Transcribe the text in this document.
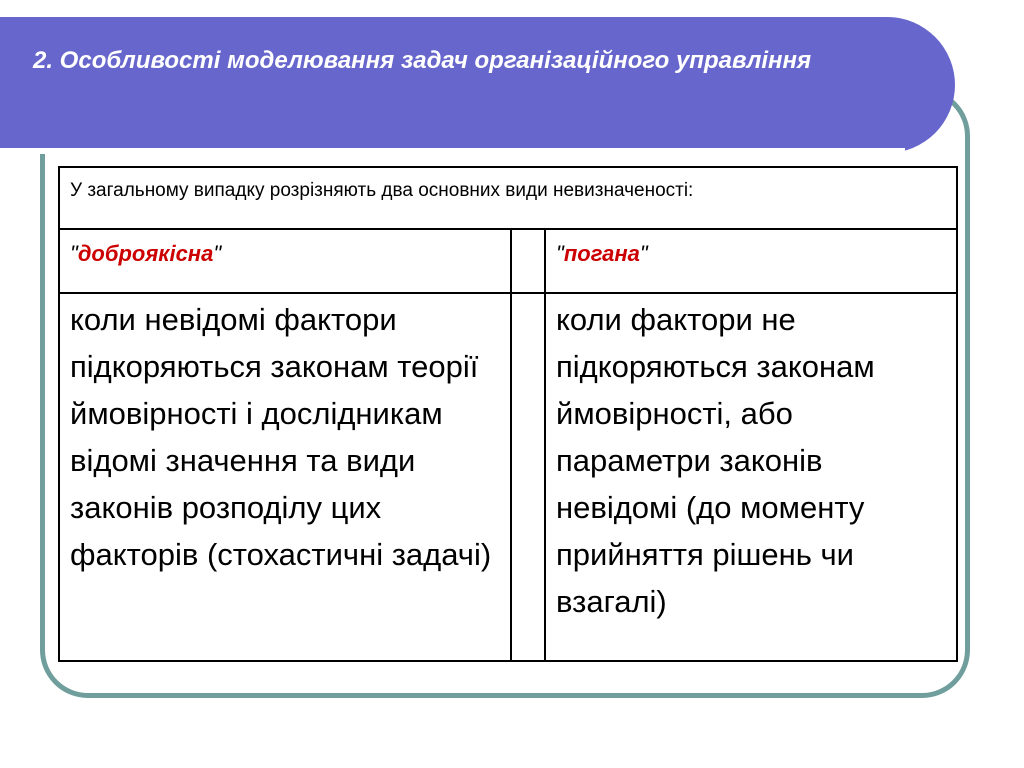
2. Особливості моделювання задач організаційного управління

У загальному випадку розрізняють два основних види невизначеності:		
"доброякісна"		"погана"
коли невідомі фактори підкоряються законам теорії ймовірності і дослідникам відомі значення та види законів розподілу цих факторів (стохастичні задачі)		коли фактори не підкоряються законам ймовірності, або параметри законів невідомі (до моменту прийняття рішень чи взагалі)
